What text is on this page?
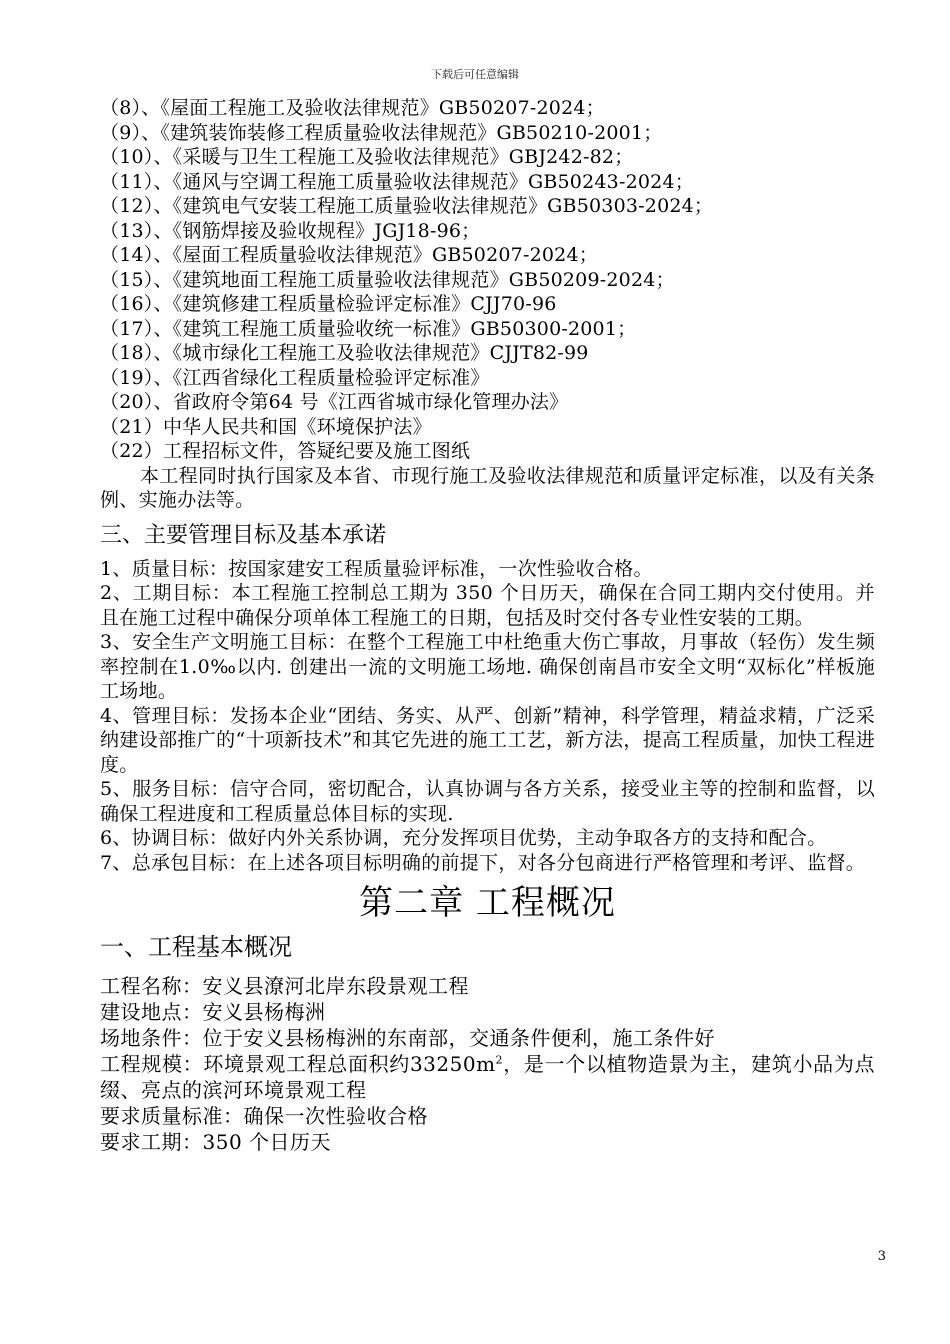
下载后可任意编辑
（8）、《屋面工程施工及验收法律规范》GB50207-2024；
（9）、《建筑装饰装修工程质量验收法律规范》GB50210-2001；
（10）、《采暖与卫生工程施工及验收法律规范》GBJ242-82；
（11）、《通风与空调工程施工质量验收法律规范》GB50243-2024；
（12）、《建筑电气安装工程施工质量验收法律规范》GB50303-2024；
（13）、《钢筋焊接及验收规程》JGJ18-96；
（14）、《屋面工程质量验收法律规范》GB50207-2024；
（15）、《建筑地面工程施工质量验收法律规范》GB50209-2024；
（16）、《建筑修建工程质量检验评定标准》CJJ70-96
（17）、《建筑工程施工质量验收统一标准》GB50300-2001；
（18）、《城市绿化工程施工及验收法律规范》CJJT82-99
（19）、《江西省绿化工程质量检验评定标准》
（20）、省政府令第64 号《江西省城市绿化管理办法》
（21）中华人民共和国《环境保护法》
（22）工程招标文件，答疑纪要及施工图纸
本工程同时执行国家及本省、市现行施工及验收法律规范和质量评定标准，以及有关条例、实施办法等。
三、主要管理目标及基本承诺
1、质量目标：按国家建安工程质量验评标准，一次性验收合格。
2、工期目标：本工程施工控制总工期为 350 个日历天，确保在合同工期内交付使用。并且在施工过程中确保分项单体工程施工的日期，包括及时交付各专业性安装的工期。
3、安全生产文明施工目标：在整个工程施工中杜绝重大伤亡事故，月事故（轻伤）发生频率控制在1.0‰以内. 创建出一流的文明施工场地. 确保创南昌市安全文明“双标化”样板施工场地。
4、管理目标：发扬本企业“团结、务实、从严、创新”精神，科学管理，精益求精，广泛采纳建设部推广的“十项新技术”和其它先进的施工工艺，新方法，提高工程质量，加快工程进度。
5、服务目标：信守合同，密切配合，认真协调与各方关系，接受业主等的控制和监督，以确保工程进度和工程质量总体目标的实现.
6、协调目标：做好内外关系协调，充分发挥项目优势，主动争取各方的支持和配合。
7、总承包目标：在上述各项目标明确的前提下，对各分包商进行严格管理和考评、监督。
第二章 工程概况
一、工程基本概况
工程名称：安义县潦河北岸东段景观工程
建设地点：安义县杨梅洲
场地条件：位于安义县杨梅洲的东南部，交通条件便利，施工条件好
工程规模：环境景观工程总面积约$33250m^2$，是一个以植物造景为主，建筑小品为点缀、亮点的滨河环境景观工程
要求质量标准：确保一次性验收合格
要求工期：350 个日历天
3
